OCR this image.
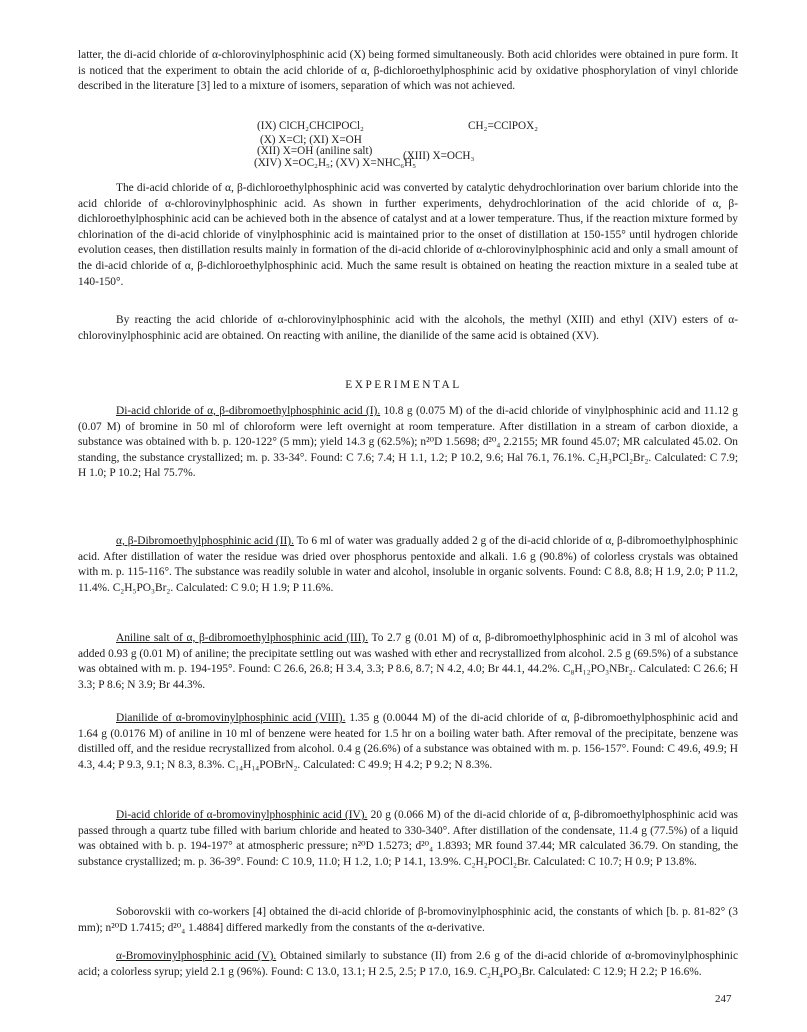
latter, the di-acid chloride of α-chlorovinylphosphinic acid (X) being formed simultaneously. Both acid chlorides were obtained in pure form. It is noticed that the experiment to obtain the acid chloride of α, β-dichloroethylphosphinic acid by oxidative phosphorylation of vinyl chloride described in the literature [3] led to a mixture of isomers, separation of which was not achieved.

(IX) ClCH₂CHClPOCl₂	CH₂=CClPOX₂
(X) X=Cl; (XI) X=OH
(XII) X=OH (aniline salt)	(XIII) X=OCH₃
(XIV) X=OC₂H₅; (XV) X=NHC₆H₅

The di-acid chloride of α, β-dichloroethylphosphinic acid was converted by catalytic dehydrochlorination over barium chloride into the acid chloride of α-chlorovinylphosphinic acid. As shown in further experiments, dehydrochlorination of the acid chloride of α, β-dichloroethylphosphinic acid can be achieved both in the absence of catalyst and at a lower temperature. Thus, if the reaction mixture formed by chlorination of the di-acid chloride of vinylphosphinic acid is maintained prior to the onset of distillation at 150-155° until hydrogen chloride evolution ceases, then distillation results mainly in formation of the di-acid chloride of α-chlorovinylphosphinic acid and only a small amount of the di-acid chloride of α, β-dichloroethylphosphinic acid. Much the same result is obtained on heating the reaction mixture in a sealed tube at 140-150°.

By reacting the acid chloride of α-chlorovinylphosphinic acid with the alcohols, the methyl (XIII) and ethyl (XIV) esters of α-chlorovinylphosphinic acid are obtained. On reacting with aniline, the dianilide of the same acid is obtained (XV).

EXPERIMENTAL

Di-acid chloride of α, β-dibromoethylphosphinic acid (I). 10.8 g (0.075 M) of the di-acid chloride of vinylphosphinic acid and 11.12 g (0.07 M) of bromine in 50 ml of chloroform were left overnight at room temperature. After distillation in a stream of carbon dioxide, a substance was obtained with b. p. 120-122° (5 mm); yield 14.3 g (62.5%); n²⁰D 1.5698; d²⁰₄ 2.2155; MR found 45.07; MR calculated 45.02. On standing, the substance crystallized; m. p. 33-34°. Found: C 7.6; 7.4; H 1.1, 1.2; P 10.2, 9.6; Hal 76.1, 76.1%. C₂H₃PCl₂Br₂. Calculated: C 7.9; H 1.0; P 10.2; Hal 75.7%.

α, β-Dibromoethylphosphinic acid (II). To 6 ml of water was gradually added 2 g of the di-acid chloride of α, β-dibromoethylphosphinic acid. After distillation of water the residue was dried over phosphorus pentoxide and alkali. 1.6 g (90.8%) of colorless crystals was obtained with m. p. 115-116°. The substance was readily soluble in water and alcohol, insoluble in organic solvents. Found: C 8.8, 8.8; H 1.9, 2.0; P 11.2, 11.4%. C₂H₅PO₃Br₂. Calculated: C 9.0; H 1.9; P 11.6%.

Aniline salt of α, β-dibromoethylphosphinic acid (III). To 2.7 g (0.01 M) of α, β-dibromoethylphosphinic acid in 3 ml of alcohol was added 0.93 g (0.01 M) of aniline; the precipitate settling out was washed with ether and recrystallized from alcohol. 2.5 g (69.5%) of a substance was obtained with m. p. 194-195°. Found: C 26.6, 26.8; H 3.4, 3.3; P 8.6, 8.7; N 4.2, 4.0; Br 44.1, 44.2%. C₈H₁₂PO₃NBr₂. Calculated: C 26.6; H 3.3; P 8.6; N 3.9; Br 44.3%.

Dianilide of α-bromovinylphosphinic acid (VIII). 1.35 g (0.0044 M) of the di-acid chloride of α, β-dibromoethylphosphinic acid and 1.64 g (0.0176 M) of aniline in 10 ml of benzene were heated for 1.5 hr on a boiling water bath. After removal of the precipitate, benzene was distilled off, and the residue recrystallized from alcohol. 0.4 g (26.6%) of a substance was obtained with m. p. 156-157°. Found: C 49.6, 49.9; H 4.3, 4.4; P 9.3, 9.1; N 8.3, 8.3%. C₁₄H₁₄POBrN₂. Calculated: C 49.9; H 4.2; P 9.2; N 8.3%.

Di-acid chloride of α-bromovinylphosphinic acid (IV). 20 g (0.066 M) of the di-acid chloride of α, β-dibromoethylphosphinic acid was passed through a quartz tube filled with barium chloride and heated to 330-340°. After distillation of the condensate, 11.4 g (77.5%) of a liquid was obtained with b. p. 194-197° at atmospheric pressure; n²⁰D 1.5273; d²⁰₄ 1.8393; MR found 37.44; MR calculated 36.79. On standing, the substance crystallized; m. p. 36-39°. Found: C 10.9, 11.0; H 1.2, 1.0; P 14.1, 13.9%. C₂H₂POCl₂Br. Calculated: C 10.7; H 0.9; P 13.8%.

Soborovskii with co-workers [4] obtained the di-acid chloride of β-bromovinylphosphinic acid, the constants of which [b. p. 81-82° (3 mm); n²⁰D 1.7415; d²⁰₄ 1.4884] differed markedly from the constants of the α-derivative.

α-Bromovinylphosphinic acid (V). Obtained similarly to substance (II) from 2.6 g of the di-acid chloride of α-bromovinylphosphinic acid; a colorless syrup; yield 2.1 g (96%). Found: C 13.0, 13.1; H 2.5, 2.5; P 17.0, 16.9. C₂H₄PO₃Br. Calculated: C 12.9; H 2.2; P 16.6%.

247
